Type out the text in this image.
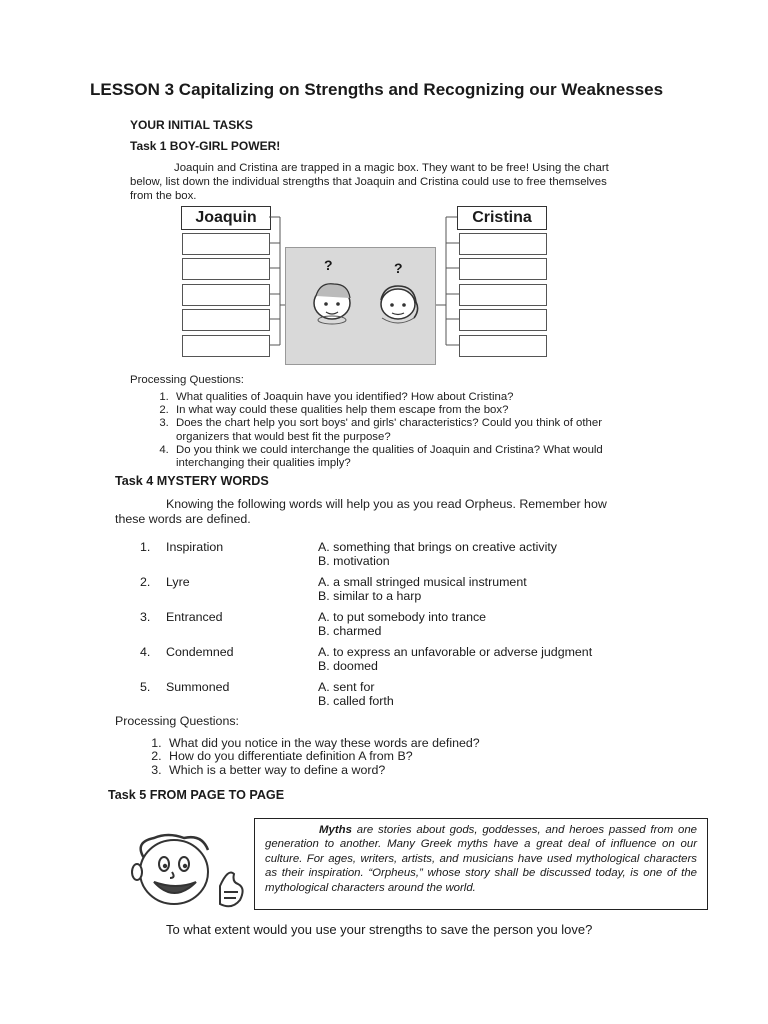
LESSON 3 Capitalizing on Strengths and Recognizing our Weaknesses
YOUR INITIAL TASKS
Task 1 BOY-GIRL POWER!
Joaquin and Cristina are trapped in a magic box. They want to be free! Using the chart below, list down the individual strengths that Joaquin and Cristina could use to free themselves from the box.
Joaquin	Cristina
?	?
Processing Questions:
1. What qualities of Joaquin have you identified? How about Cristina?
2. In what way could these qualities help them escape from the box?
3. Does the chart help you sort boys' and girls' characteristics? Could you think of other organizers that would best fit the purpose?
4. Do you think we could interchange the qualities of Joaquin and Cristina? What would interchanging their qualities imply?
Task 4 MYSTERY WORDS
Knowing the following words will help you as you read Orpheus. Remember how these words are defined.
1. Inspiration	A. something that brings on creative activity
B. motivation
2. Lyre	A. a small stringed musical instrument
B. similar to a harp
3. Entranced	A. to put somebody into trance
B. charmed
4. Condemned	A. to express an unfavorable or adverse judgment
B. doomed
5. Summoned	A. sent for
B. called forth
Processing Questions:
1. What did you notice in the way these words are defined?
2. How do you differentiate definition A from B?
3. Which is a better way to define a word?
Task 5 FROM PAGE TO PAGE
Myths are stories about gods, goddesses, and heroes passed from one generation to another. Many Greek myths have a great deal of influence on our culture. For ages, writers, artists, and musicians have used mythological characters as their inspiration. “Orpheus,” whose story shall be discussed today, is one of the mythological characters around the world.
To what extent would you use your strengths to save the person you love?
